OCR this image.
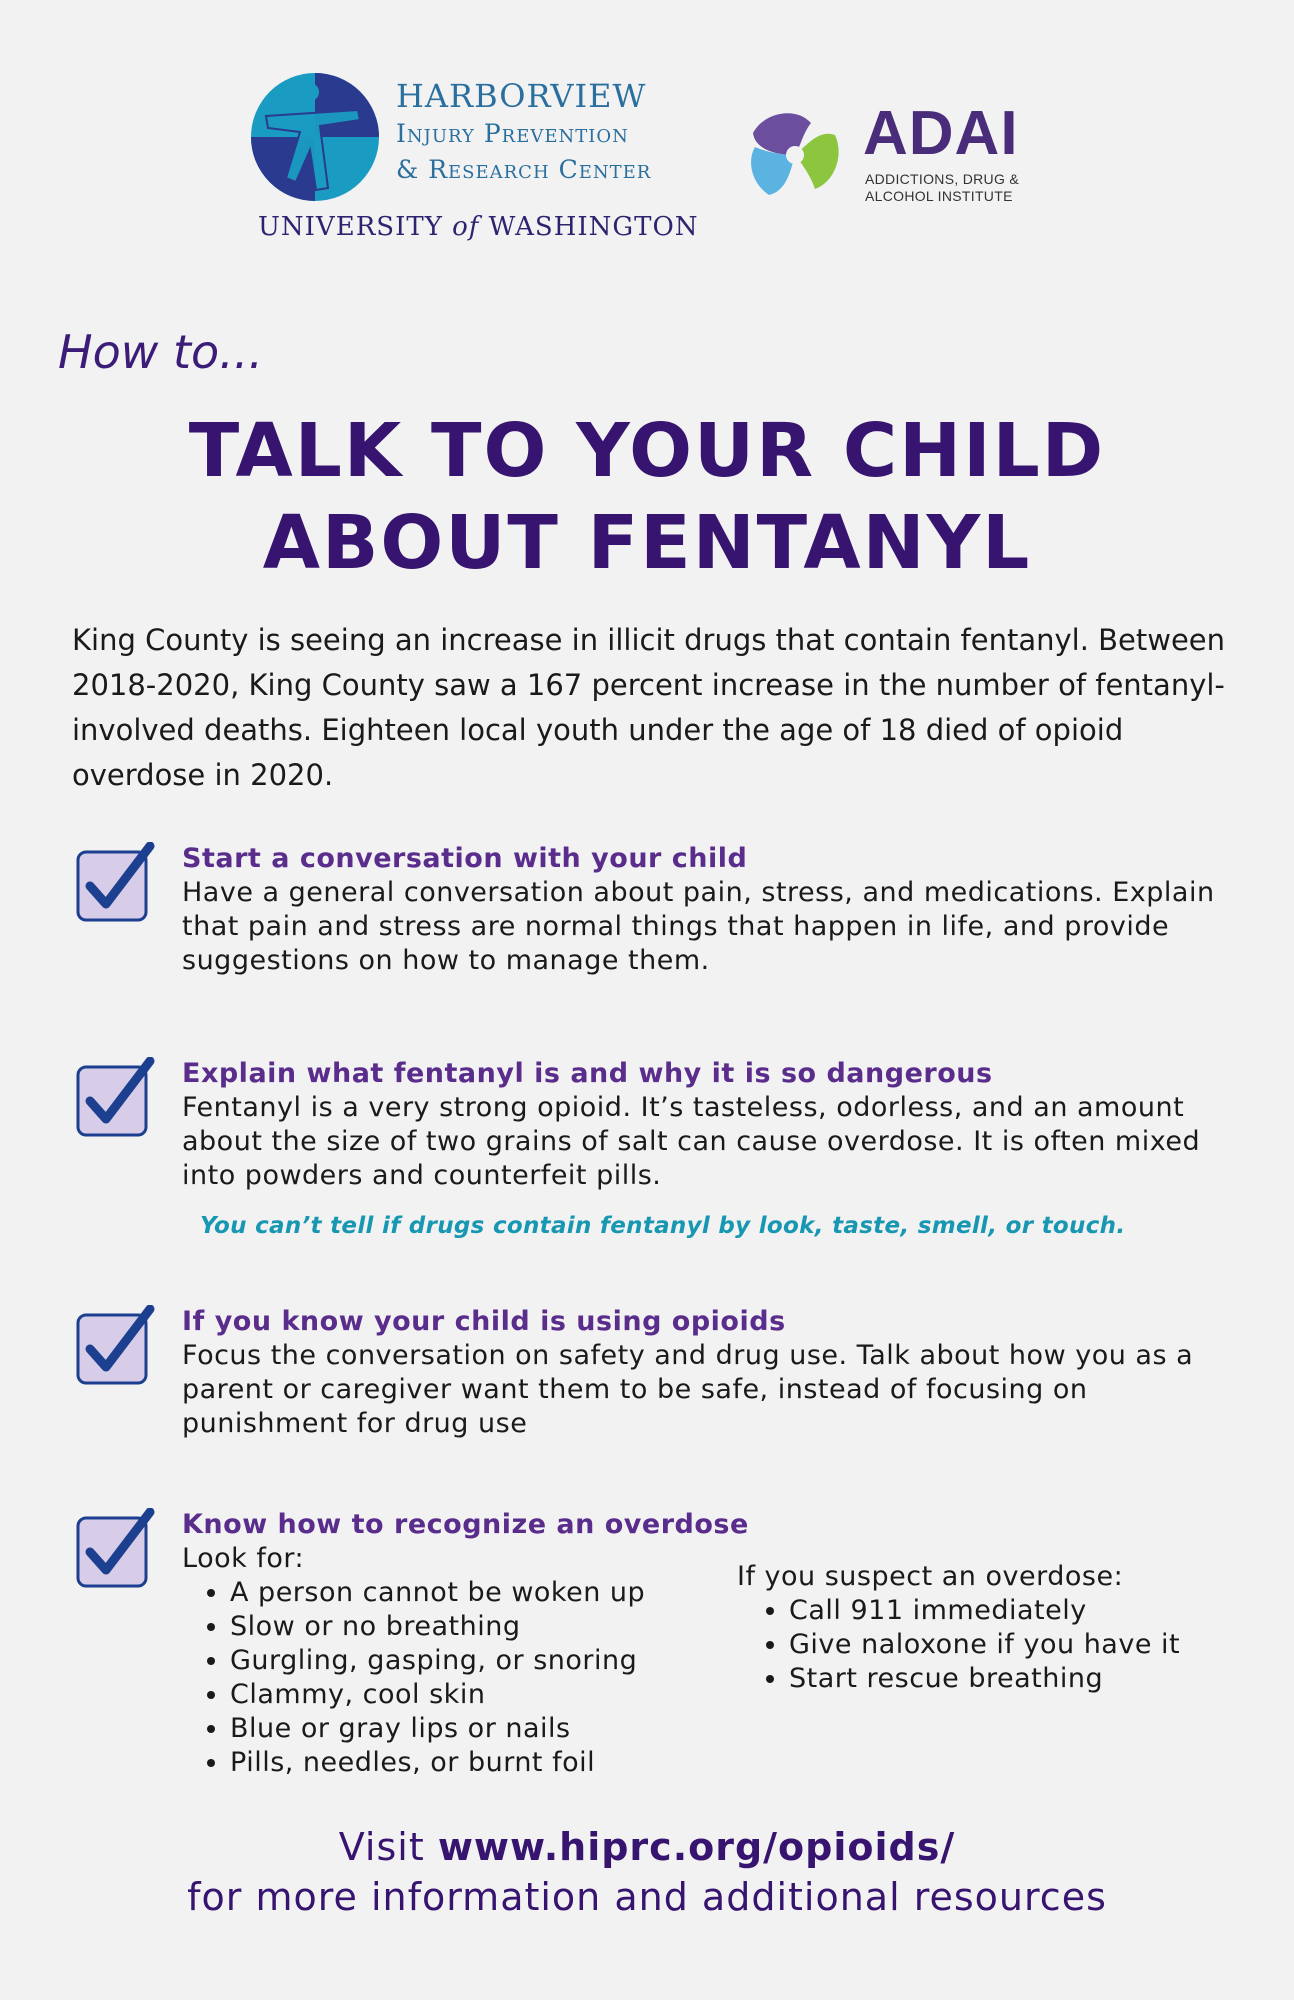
HARBORVIEW
Injury Prevention
& Research Center
UNIVERSITY of WASHINGTON
ADAI
ADDICTIONS, DRUG &
ALCOHOL INSTITUTE
How to...
TALK TO YOUR CHILD
ABOUT FENTANYL
King County is seeing an increase in illicit drugs that contain fentanyl. Between 2018-2020, King County saw a 167 percent increase in the number of fentanyl-involved deaths. Eighteen local youth under the age of 18 died of opioid overdose in 2020.
Start a conversation with your child
Have a general conversation about pain, stress, and medications. Explain that pain and stress are normal things that happen in life, and provide suggestions on how to manage them.
Explain what fentanyl is and why it is so dangerous
Fentanyl is a very strong opioid. It’s tasteless, odorless, and an amount about the size of two grains of salt can cause overdose. It is often mixed into powders and counterfeit pills.
You can’t tell if drugs contain fentanyl by look, taste, smell, or touch.
If you know your child is using opioids
Focus the conversation on safety and drug use. Talk about how you as a parent or caregiver want them to be safe, instead of focusing on punishment for drug use
Know how to recognize an overdose
Look for:
• A person cannot be woken up
• Slow or no breathing
• Gurgling, gasping, or snoring
• Clammy, cool skin
• Blue or gray lips or nails
• Pills, needles, or burnt foil
If you suspect an overdose:
• Call 911 immediately
• Give naloxone if you have it
• Start rescue breathing
Visit www.hiprc.org/opioids/
for more information and additional resources
